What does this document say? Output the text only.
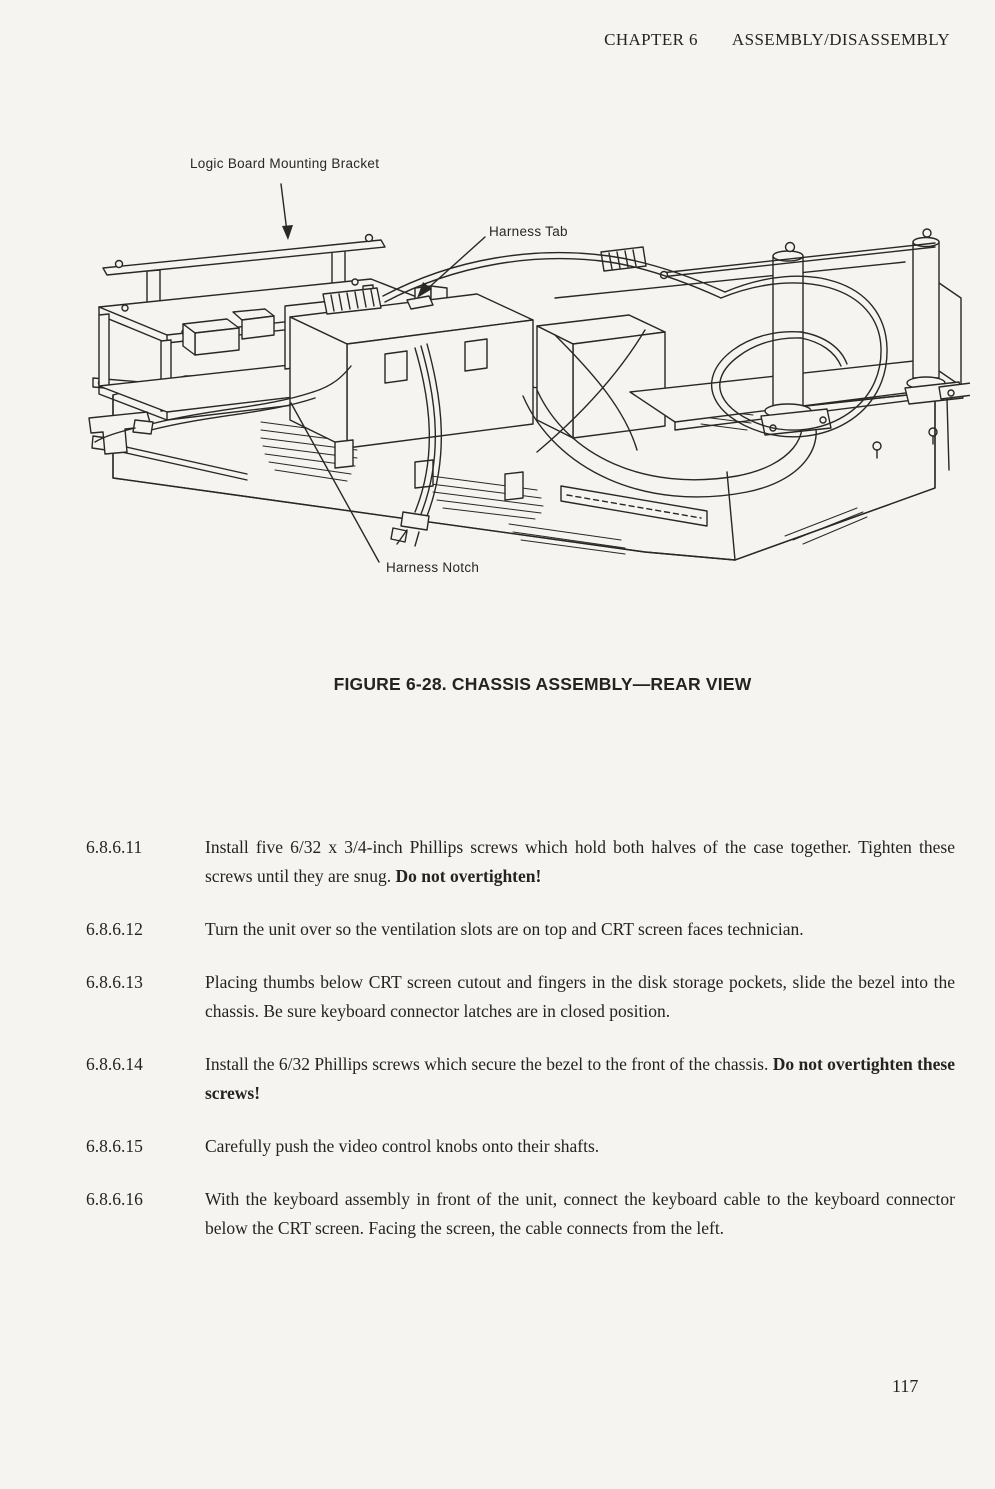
CHAPTER 6 ASSEMBLY/DISASSEMBLY
Logic Board Mounting Bracket
Harness Tab
Harness Notch
FIGURE 6-28. CHASSIS ASSEMBLY—REAR VIEW
6.8.6.11	Install five 6/32 x 3/4-inch Phillips screws which hold both halves of the case together. Tighten these screws until they are snug. Do not overtighten!
6.8.6.12	Turn the unit over so the ventilation slots are on top and CRT screen faces technician.
6.8.6.13	Placing thumbs below CRT screen cutout and fingers in the disk storage pockets, slide the bezel into the chassis. Be sure keyboard connector latches are in closed position.
6.8.6.14	Install the 6/32 Phillips screws which secure the bezel to the front of the chassis. Do not overtighten these screws!
6.8.6.15	Carefully push the video control knobs onto their shafts.
6.8.6.16	With the keyboard assembly in front of the unit, connect the keyboard cable to the keyboard connector below the CRT screen. Facing the screen, the cable connects from the left.
117
